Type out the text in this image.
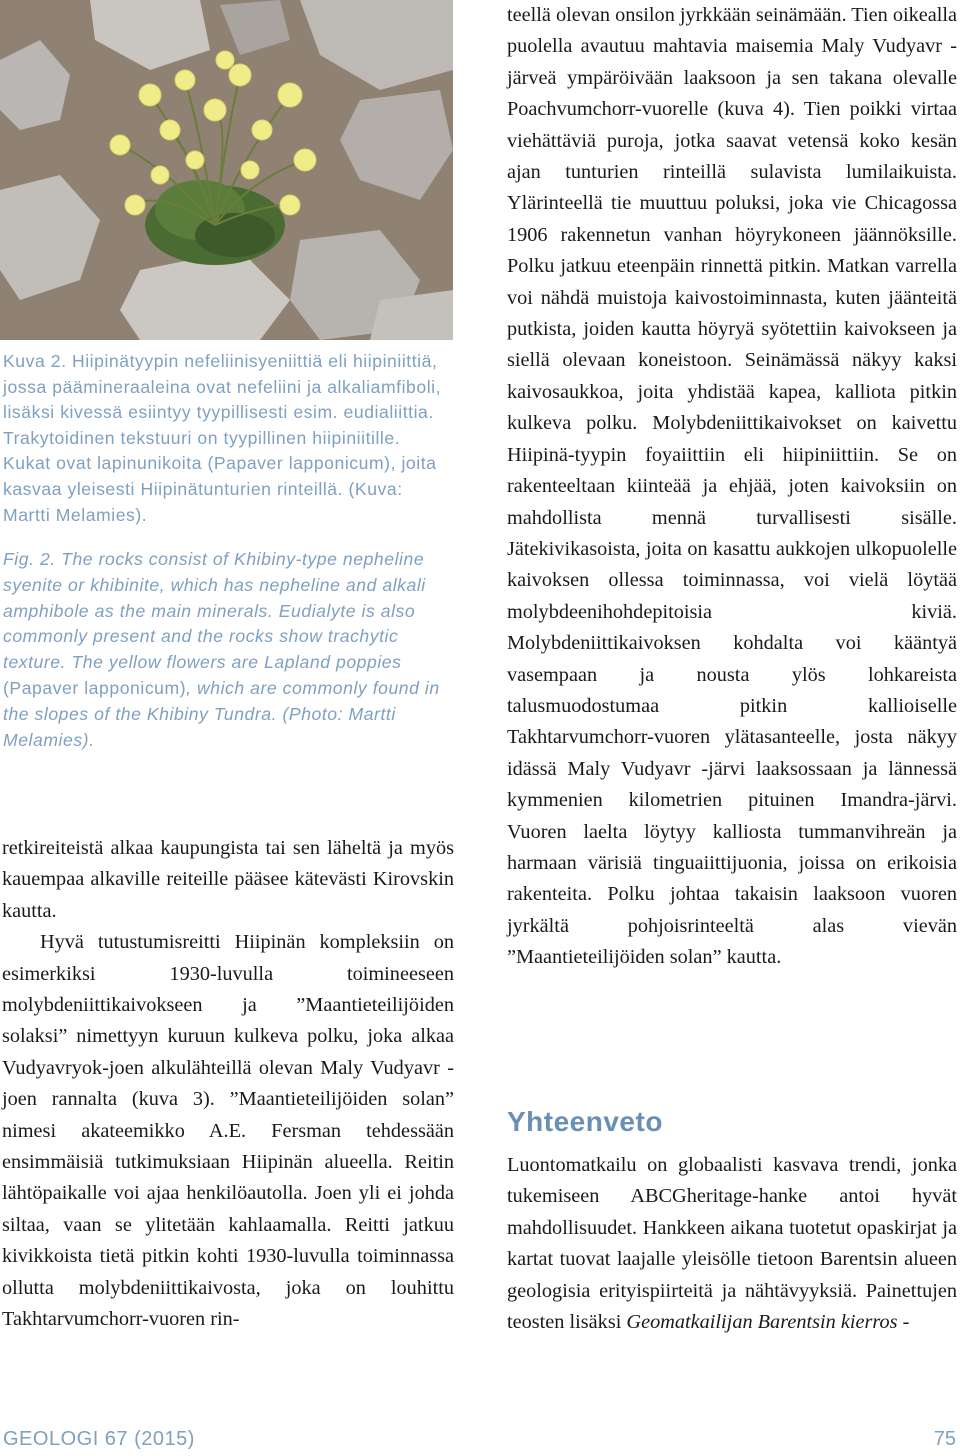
Kuva 2. Hiipinätyypin nefeliinisyeniittiä eli hiipiniittiä, jossa päämineraaleina ovat nefeliini ja alkaliamfiboli, lisäksi kivessä esiintyy tyypillisesti esim. eudialiittia. Trakytoidinen tekstuuri on tyypillinen hiipiniitille. Kukat ovat lapinunikoita (Papaver lapponicum), joita kasvaa yleisesti Hiipinätunturien rinteillä. (Kuva: Martti Melamies).
Fig. 2. The rocks consist of Khibiny-type nepheline syenite or khibinite, which has nepheline and alkali amphibole as the main minerals. Eudialyte is also commonly present and the rocks show trachytic texture. The yellow flowers are Lapland poppies (Papaver lapponicum), which are commonly found in the slopes of the Khibiny Tundra. (Photo: Martti Melamies).

retkireiteistä alkaa kaupungista tai sen läheltä ja myös kauempaa alkaville reiteille pääsee kätevästi Kirovskin kautta.

Hyvä tutustumisreitti Hiipinän kompleksiin on esimerkiksi 1930-luvulla toimineeseen molybdeniittikaivokseen ja ”Maantieteilijöiden solaksi” nimettyyn kuruun kulkeva polku, joka alkaa Vudyavryok-joen alkulähteillä olevan Maly Vudyavr -joen rannalta (kuva 3). ”Maantieteilijöiden solan” nimesi akateemikko A.E. Fersman tehdessään ensimmäisiä tutkimuksiaan Hiipinän alueella. Reitin lähtöpaikalle voi ajaa henkilöautolla. Joen yli ei johda siltaa, vaan se ylitetään kahlaamalla. Reitti jatkuu kivikkoista tietä pitkin kohti 1930-luvulla toiminnassa ollutta molybdeniittikaivosta, joka on louhittu Takhtarvumchorr-vuoren rin-

teellä olevan onsilon jyrkkään seinämään. Tien oikealla puolella avautuu mahtavia maisemia Maly Vudyavr -järveä ympäröivään laaksoon ja sen takana olevalle Poachvumchorr-vuorelle (kuva 4). Tien poikki virtaa viehättäviä puroja, jotka saavat vetensä koko kesän ajan tunturien rinteillä sulavista lumilaikuista. Ylärinteellä tie muuttuu poluksi, joka vie Chicagossa 1906 rakennetun vanhan höyrykoneen jäännöksille. Polku jatkuu eteenpäin rinnettä pitkin. Matkan varrella voi nähdä muistoja kaivostoiminnasta, kuten jäänteitä putkista, joiden kautta höyryä syötettiin kaivokseen ja siellä olevaan koneistoon. Seinämässä näkyy kaksi kaivosaukkoa, joita yhdistää kapea, kalliota pitkin kulkeva polku. Molybdeniittikaivokset on kaivettu Hiipinä-tyypin foyaiittiin eli hiipiniittiin. Se on rakenteeltaan kiinteää ja ehjää, joten kaivoksiin on mahdollista mennä turvallisesti sisälle. Jätekivikasoista, joita on kasattu aukkojen ulkopuolelle kaivoksen ollessa toiminnassa, voi vielä löytää molybdeenihohdepitoisia kiviä. Molybdeniittikaivoksen kohdalta voi kääntyä vasempaan ja nousta ylös lohkareista talusmuodostumaa pitkin kallioiselle Takhtarvumchorr-vuoren ylätasanteelle, josta näkyy idässä Maly Vudyavr -järvi laaksossaan ja lännessä kymmenien kilometrien pituinen Imandra-järvi. Vuoren laelta löytyy kalliosta tummanvihreän ja harmaan värisiä tinguaiittijuonia, joissa on erikoisia rakenteita. Polku johtaa takaisin laaksoon vuoren jyrkältä pohjoisrinteeltä alas vievän ”Maantieteilijöiden solan” kautta.

Yhteenveto

Luontomatkailu on globaalisti kasvava trendi, jonka tukemiseen ABCGheritage-hanke antoi hyvät mahdollisuudet. Hankkeen aikana tuotetut opaskirjat ja kartat tuovat laajalle yleisölle tietoon Barentsin alueen geologisia erityispiirteitä ja nähtävyyksiä. Painettujen teosten lisäksi Geomatkailijan Barentsin kierros -

GEOLOGI 67 (2015)	75
